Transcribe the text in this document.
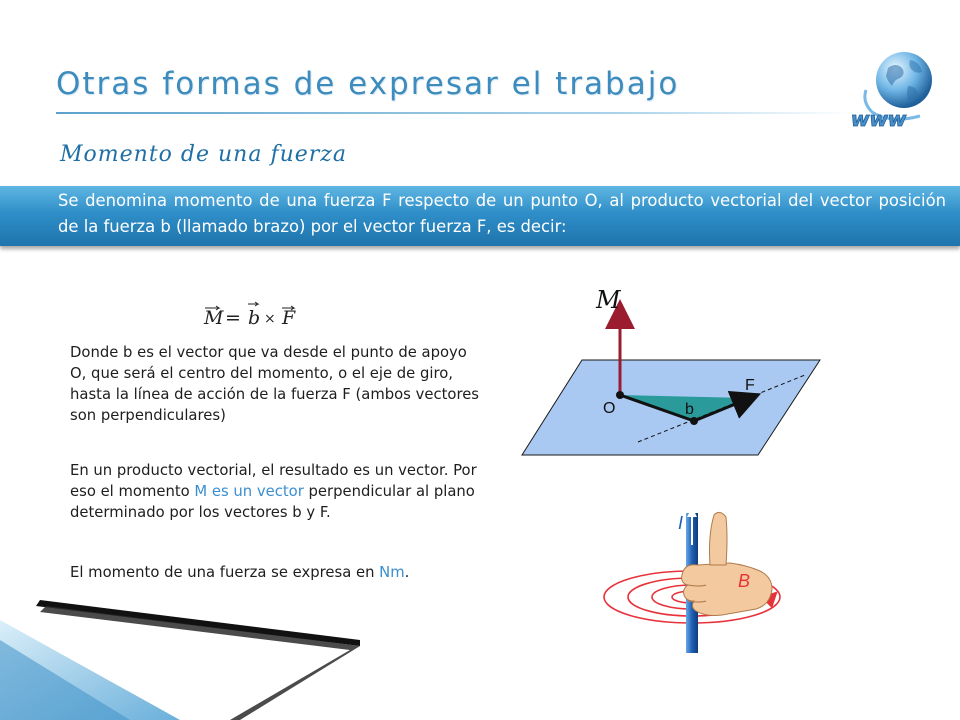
Otras formas de expresar el trabajo
www
Momento de una fuerza
Se denomina momento de una fuerza F respecto de un punto O, al producto vectorial del vector posición de la fuerza b (llamado brazo) por el vector fuerza F, es decir:
M = b × F
Donde b es el vector que va desde el punto de apoyo O, que será el centro del momento, o el eje de giro, hasta la línea de acción de la fuerza F (ambos vectores son perpendiculares)
En un producto vectorial, el resultado es un vector. Por eso el momento M es un vector perpendicular al plano determinado por los vectores b y F.
El momento de una fuerza se expresa en Nm.
M
F
O	b
I
B
